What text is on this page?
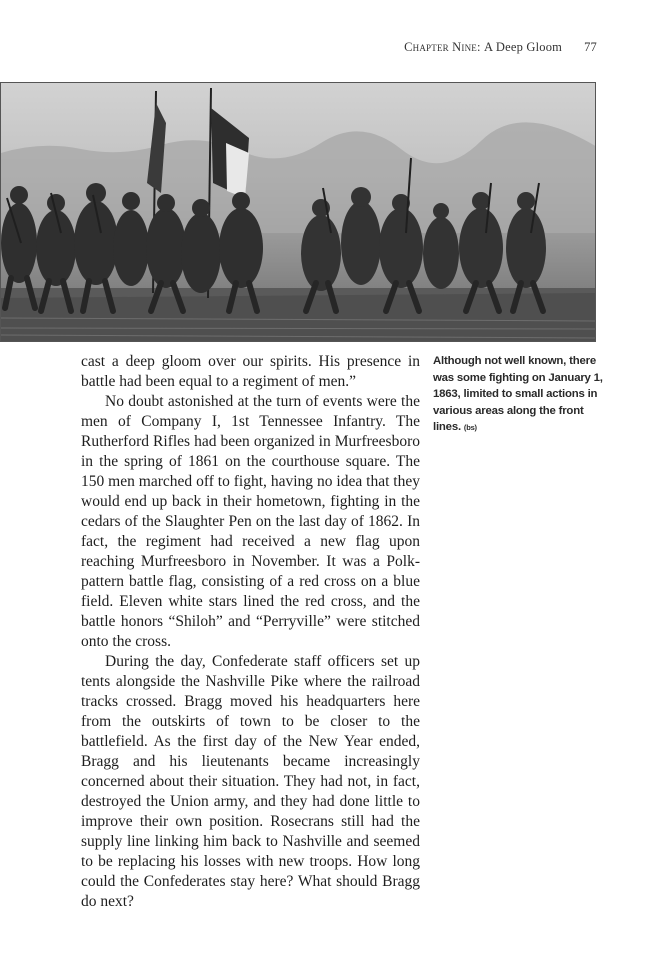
Chapter Nine: A Deep Gloom 77

cast a deep gloom over our spirits. His presence in battle had been equal to a regiment of men.”

No doubt astonished at the turn of events were the men of Company I, 1st Tennessee Infantry. The Rutherford Rifles had been organized in Murfreesboro in the spring of 1861 on the courthouse square. The 150 men marched off to fight, having no idea that they would end up back in their hometown, fighting in the cedars of the Slaughter Pen on the last day of 1862. In fact, the regiment had received a new flag upon reaching Murfreesboro in November. It was a Polk-pattern battle flag, consisting of a red cross on a blue field. Eleven white stars lined the red cross, and the battle honors “Shiloh” and “Perryville” were stitched onto the cross.

During the day, Confederate staff officers set up tents alongside the Nashville Pike where the railroad tracks crossed. Bragg moved his headquarters here from the outskirts of town to be closer to the battlefield. As the first day of the New Year ended, Bragg and his lieutenants became increasingly concerned about their situation. They had not, in fact, destroyed the Union army, and they had done little to improve their own position. Rosecrans still had the supply line linking him back to Nashville and seemed to be replacing his losses with new troops. How long could the Confederates stay here? What should Bragg do next?

Although not well known, there was some fighting on January 1, 1863, limited to small actions in various areas along the front lines. (bs)
